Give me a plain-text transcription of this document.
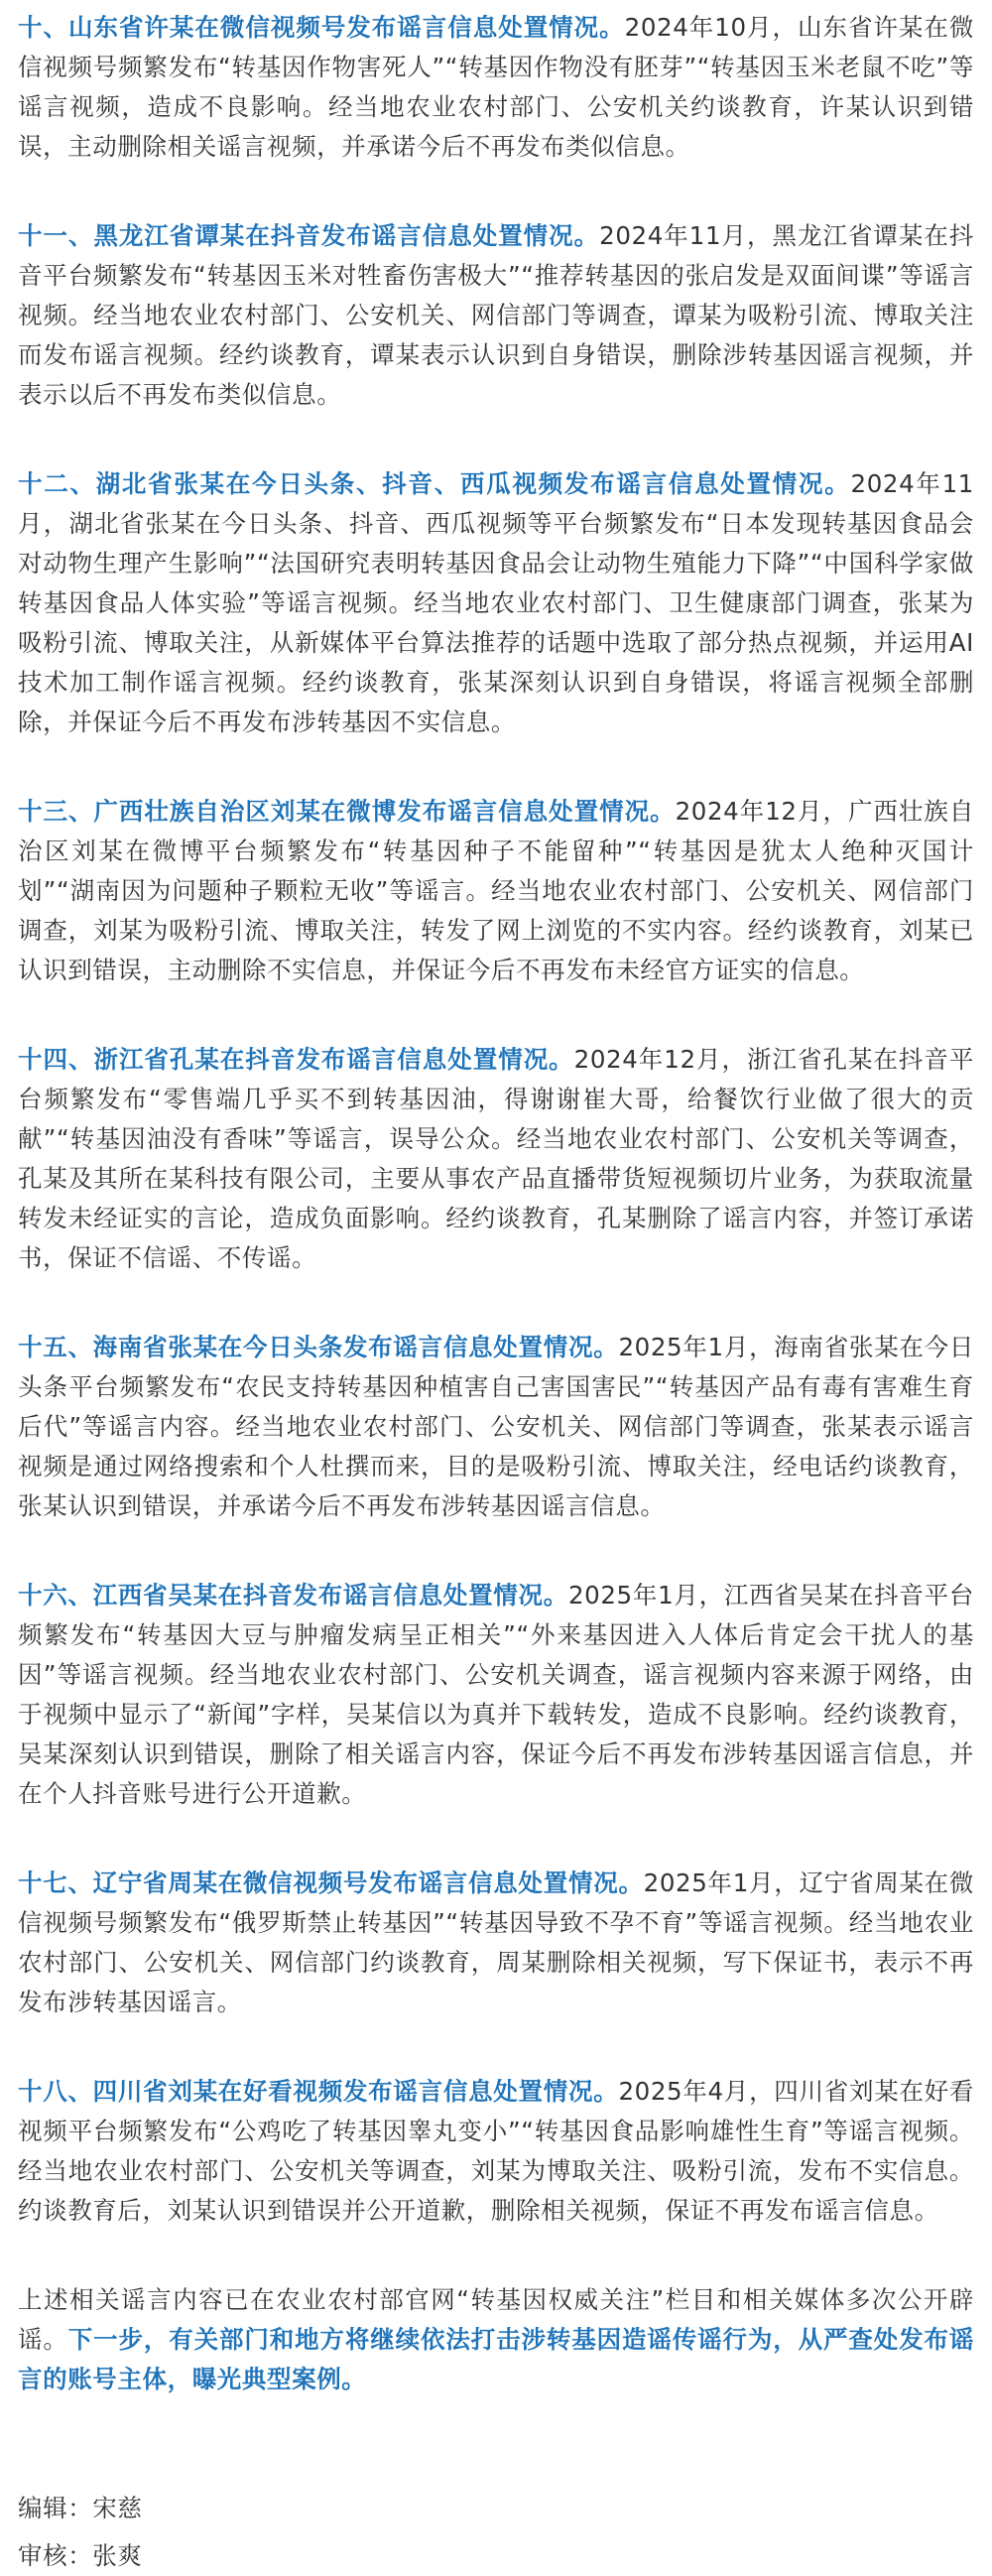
十、山东省许某在微信视频号发布谣言信息处置情况。2024年10月，山东省许某在微信视频号频繁发布“转基因作物害死人”“转基因作物没有胚芽”“转基因玉米老鼠不吃”等谣言视频，造成不良影响。经当地农业农村部门、公安机关约谈教育，许某认识到错误，主动删除相关谣言视频，并承诺今后不再发布类似信息。

十一、黑龙江省谭某在抖音发布谣言信息处置情况。2024年11月，黑龙江省谭某在抖音平台频繁发布“转基因玉米对牲畜伤害极大”“推荐转基因的张启发是双面间谍”等谣言视频。经当地农业农村部门、公安机关、网信部门等调查，谭某为吸粉引流、博取关注而发布谣言视频。经约谈教育，谭某表示认识到自身错误，删除涉转基因谣言视频，并表示以后不再发布类似信息。

十二、湖北省张某在今日头条、抖音、西瓜视频发布谣言信息处置情况。2024年11月，湖北省张某在今日头条、抖音、西瓜视频等平台频繁发布“日本发现转基因食品会对动物生理产生影响”“法国研究表明转基因食品会让动物生殖能力下降”“中国科学家做转基因食品人体实验”等谣言视频。经当地农业农村部门、卫生健康部门调查，张某为吸粉引流、博取关注，从新媒体平台算法推荐的话题中选取了部分热点视频，并运用AI技术加工制作谣言视频。经约谈教育，张某深刻认识到自身错误，将谣言视频全部删除，并保证今后不再发布涉转基因不实信息。

十三、广西壮族自治区刘某在微博发布谣言信息处置情况。2024年12月，广西壮族自治区刘某在微博平台频繁发布“转基因种子不能留种”“转基因是犹太人绝种灭国计划”“湖南因为问题种子颗粒无收”等谣言。经当地农业农村部门、公安机关、网信部门调查，刘某为吸粉引流、博取关注，转发了网上浏览的不实内容。经约谈教育，刘某已认识到错误，主动删除不实信息，并保证今后不再发布未经官方证实的信息。

十四、浙江省孔某在抖音发布谣言信息处置情况。2024年12月，浙江省孔某在抖音平台频繁发布“零售端几乎买不到转基因油，得谢谢崔大哥，给餐饮行业做了很大的贡献”“转基因油没有香味”等谣言，误导公众。经当地农业农村部门、公安机关等调查，孔某及其所在某科技有限公司，主要从事农产品直播带货短视频切片业务，为获取流量转发未经证实的言论，造成负面影响。经约谈教育，孔某删除了谣言内容，并签订承诺书，保证不信谣、不传谣。

十五、海南省张某在今日头条发布谣言信息处置情况。2025年1月，海南省张某在今日头条平台频繁发布“农民支持转基因种植害自己害国害民”“转基因产品有毒有害难生育后代”等谣言内容。经当地农业农村部门、公安机关、网信部门等调查，张某表示谣言视频是通过网络搜索和个人杜撰而来，目的是吸粉引流、博取关注，经电话约谈教育，张某认识到错误，并承诺今后不再发布涉转基因谣言信息。

十六、江西省吴某在抖音发布谣言信息处置情况。2025年1月，江西省吴某在抖音平台频繁发布“转基因大豆与肿瘤发病呈正相关”“外来基因进入人体后肯定会干扰人的基因”等谣言视频。经当地农业农村部门、公安机关调查，谣言视频内容来源于网络，由于视频中显示了“新闻”字样，吴某信以为真并下载转发，造成不良影响。经约谈教育，吴某深刻认识到错误，删除了相关谣言内容，保证今后不再发布涉转基因谣言信息，并在个人抖音账号进行公开道歉。

十七、辽宁省周某在微信视频号发布谣言信息处置情况。2025年1月，辽宁省周某在微信视频号频繁发布“俄罗斯禁止转基因”“转基因导致不孕不育”等谣言视频。经当地农业农村部门、公安机关、网信部门约谈教育，周某删除相关视频，写下保证书，表示不再发布涉转基因谣言。

十八、四川省刘某在好看视频发布谣言信息处置情况。2025年4月，四川省刘某在好看视频平台频繁发布“公鸡吃了转基因睾丸变小”“转基因食品影响雄性生育”等谣言视频。经当地农业农村部门、公安机关等调查，刘某为博取关注、吸粉引流，发布不实信息。约谈教育后，刘某认识到错误并公开道歉，删除相关视频，保证不再发布谣言信息。

上述相关谣言内容已在农业农村部官网“转基因权威关注”栏目和相关媒体多次公开辟谣。下一步，有关部门和地方将继续依法打击涉转基因造谣传谣行为，从严查处发布谣言的账号主体，曝光典型案例。

编辑：宋慈
审核：张爽
